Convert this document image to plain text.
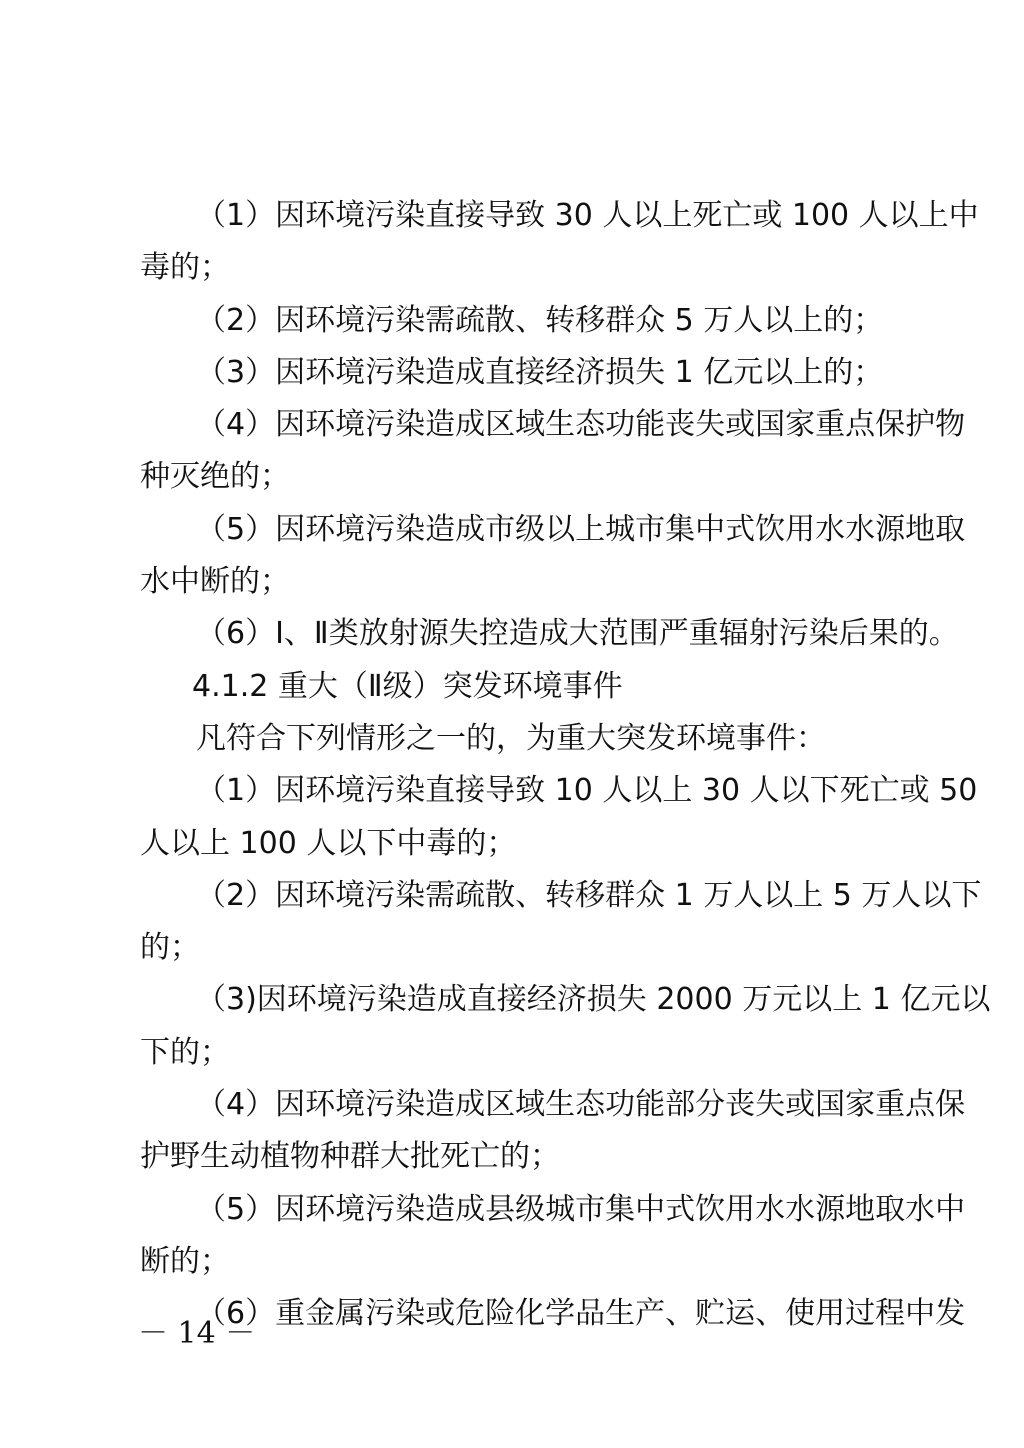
（1）因环境污染直接导致 30 人以上死亡或 100 人以上中
毒的；
（2）因环境污染需疏散、转移群众 5 万人以上的；
（3）因环境污染造成直接经济损失 1 亿元以上的；
（4）因环境污染造成区域生态功能丧失或国家重点保护物
种灭绝的；
（5）因环境污染造成市级以上城市集中式饮用水水源地取
水中断的；
（6）Ⅰ、Ⅱ类放射源失控造成大范围严重辐射污染后果的。
4.1.2 重大（Ⅱ级）突发环境事件
凡符合下列情形之一的，为重大突发环境事件：
（1）因环境污染直接导致 10 人以上 30 人以下死亡或 50
人以上 100 人以下中毒的；
（2）因环境污染需疏散、转移群众 1 万人以上 5 万人以下
的；
（3)因环境污染造成直接经济损失 2000 万元以上 1 亿元以
下的；
（4）因环境污染造成区域生态功能部分丧失或国家重点保
护野生动植物种群大批死亡的；
（5）因环境污染造成县级城市集中式饮用水水源地取水中
断的；
（6）重金属污染或危险化学品生产、贮运、使用过程中发
－ 14 －
